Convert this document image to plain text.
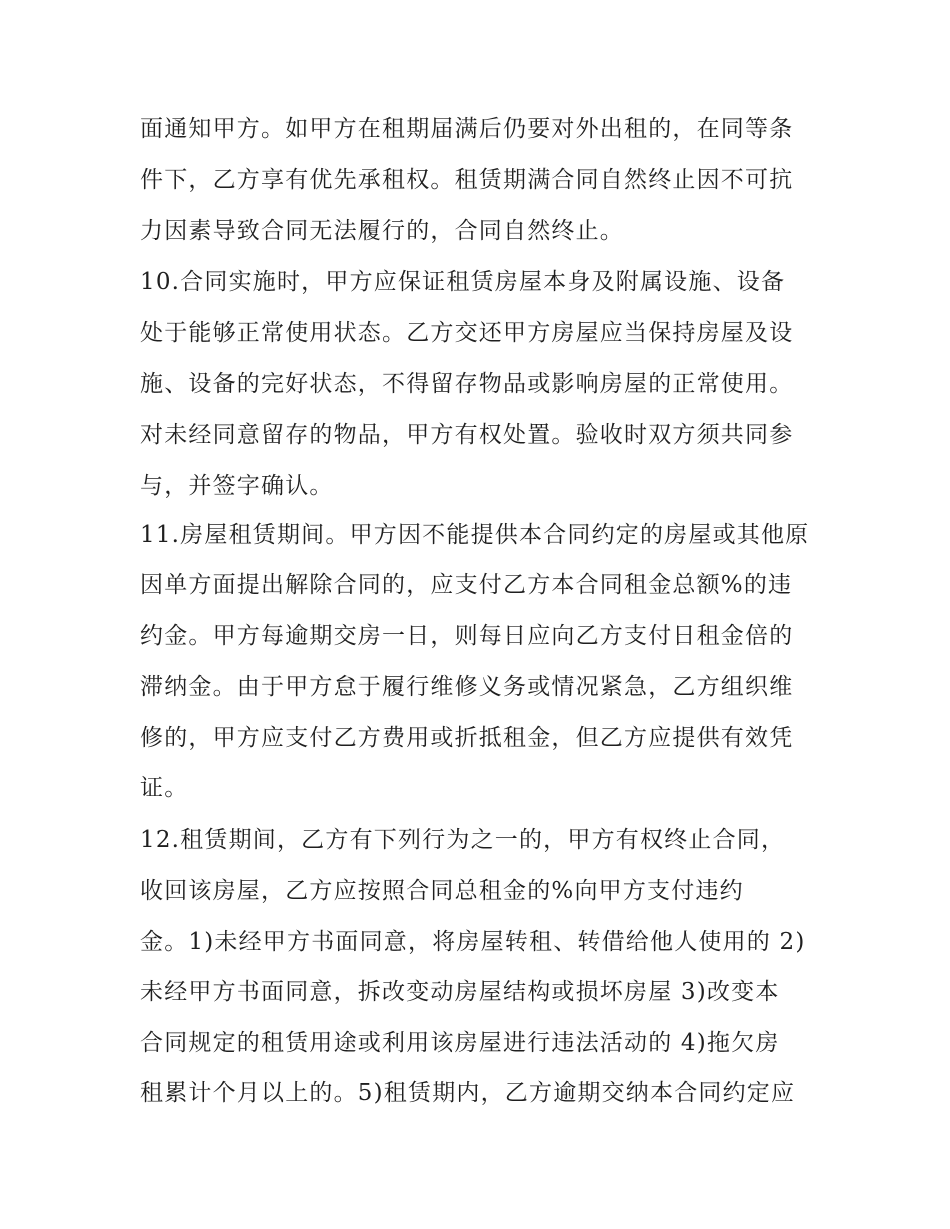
面通知甲方。如甲方在租期届满后仍要对外出租的，在同等条
件下，乙方享有优先承租权。租赁期满合同自然终止因不可抗
力因素导致合同无法履行的，合同自然终止。
10.合同实施时，甲方应保证租赁房屋本身及附属设施、设备
处于能够正常使用状态。乙方交还甲方房屋应当保持房屋及设
施、设备的完好状态，不得留存物品或影响房屋的正常使用。
对未经同意留存的物品，甲方有权处置。验收时双方须共同参
与，并签字确认。
11.房屋租赁期间。甲方因不能提供本合同约定的房屋或其他原
因单方面提出解除合同的，应支付乙方本合同租金总额%的违
约金。甲方每逾期交房一日，则每日应向乙方支付日租金倍的
滞纳金。由于甲方怠于履行维修义务或情况紧急，乙方组织维
修的，甲方应支付乙方费用或折抵租金，但乙方应提供有效凭
证。
12.租赁期间，乙方有下列行为之一的，甲方有权终止合同，
收回该房屋，乙方应按照合同总租金的%向甲方支付违约
金。1)未经甲方书面同意，将房屋转租、转借给他人使用的 2)
未经甲方书面同意，拆改变动房屋结构或损坏房屋 3)改变本
合同规定的租赁用途或利用该房屋进行违法活动的 4)拖欠房
租累计个月以上的。5)租赁期内，乙方逾期交纳本合同约定应
